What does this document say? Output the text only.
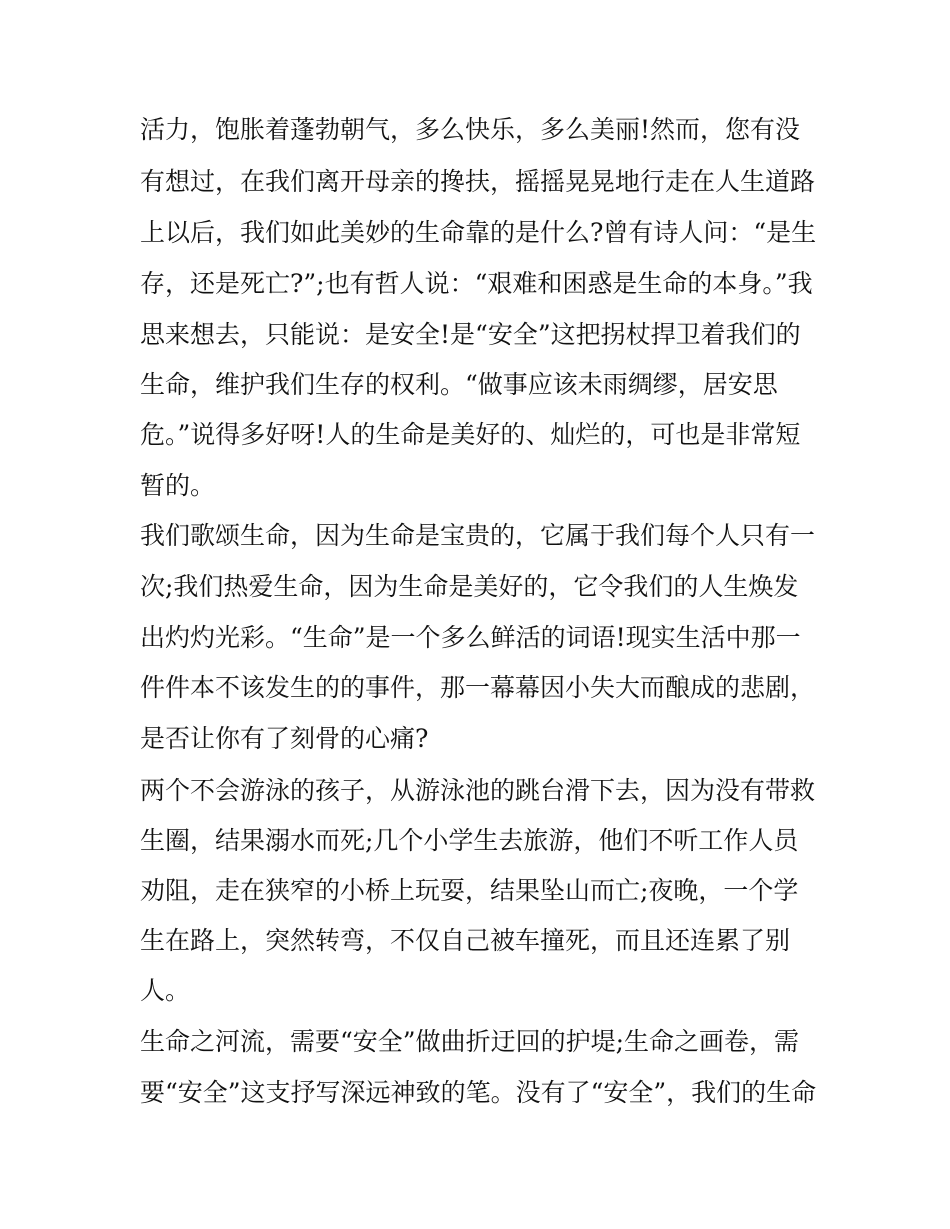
活力，饱胀着蓬勃朝气，多么快乐，多么美丽!然而，您有没
有想过，在我们离开母亲的搀扶，摇摇晃晃地行走在人生道路
上以后，我们如此美妙的生命靠的是什么?曾有诗人问：“是生
存，还是死亡?”;也有哲人说：“艰难和困惑是生命的本身。”我
思来想去，只能说：是安全!是“安全”这把拐杖捍卫着我们的
生命，维护我们生存的权利。“做事应该未雨绸缪，居安思
危。”说得多好呀!人的生命是美好的、灿烂的，可也是非常短
暂的。
我们歌颂生命，因为生命是宝贵的，它属于我们每个人只有一
次;我们热爱生命，因为生命是美好的，它令我们的人生焕发
出灼灼光彩。“生命”是一个多么鲜活的词语!现实生活中那一
件件本不该发生的的事件，那一幕幕因小失大而酿成的悲剧，
是否让你有了刻骨的心痛?
两个不会游泳的孩子，从游泳池的跳台滑下去，因为没有带救
生圈，结果溺水而死;几个小学生去旅游，他们不听工作人员
劝阻，走在狭窄的小桥上玩耍，结果坠山而亡;夜晚，一个学
生在路上，突然转弯，不仅自己被车撞死，而且还连累了别
人。
生命之河流，需要“安全”做曲折迂回的护堤;生命之画卷，需
要“安全”这支抒写深远神致的笔。没有了“安全”，我们的生命
